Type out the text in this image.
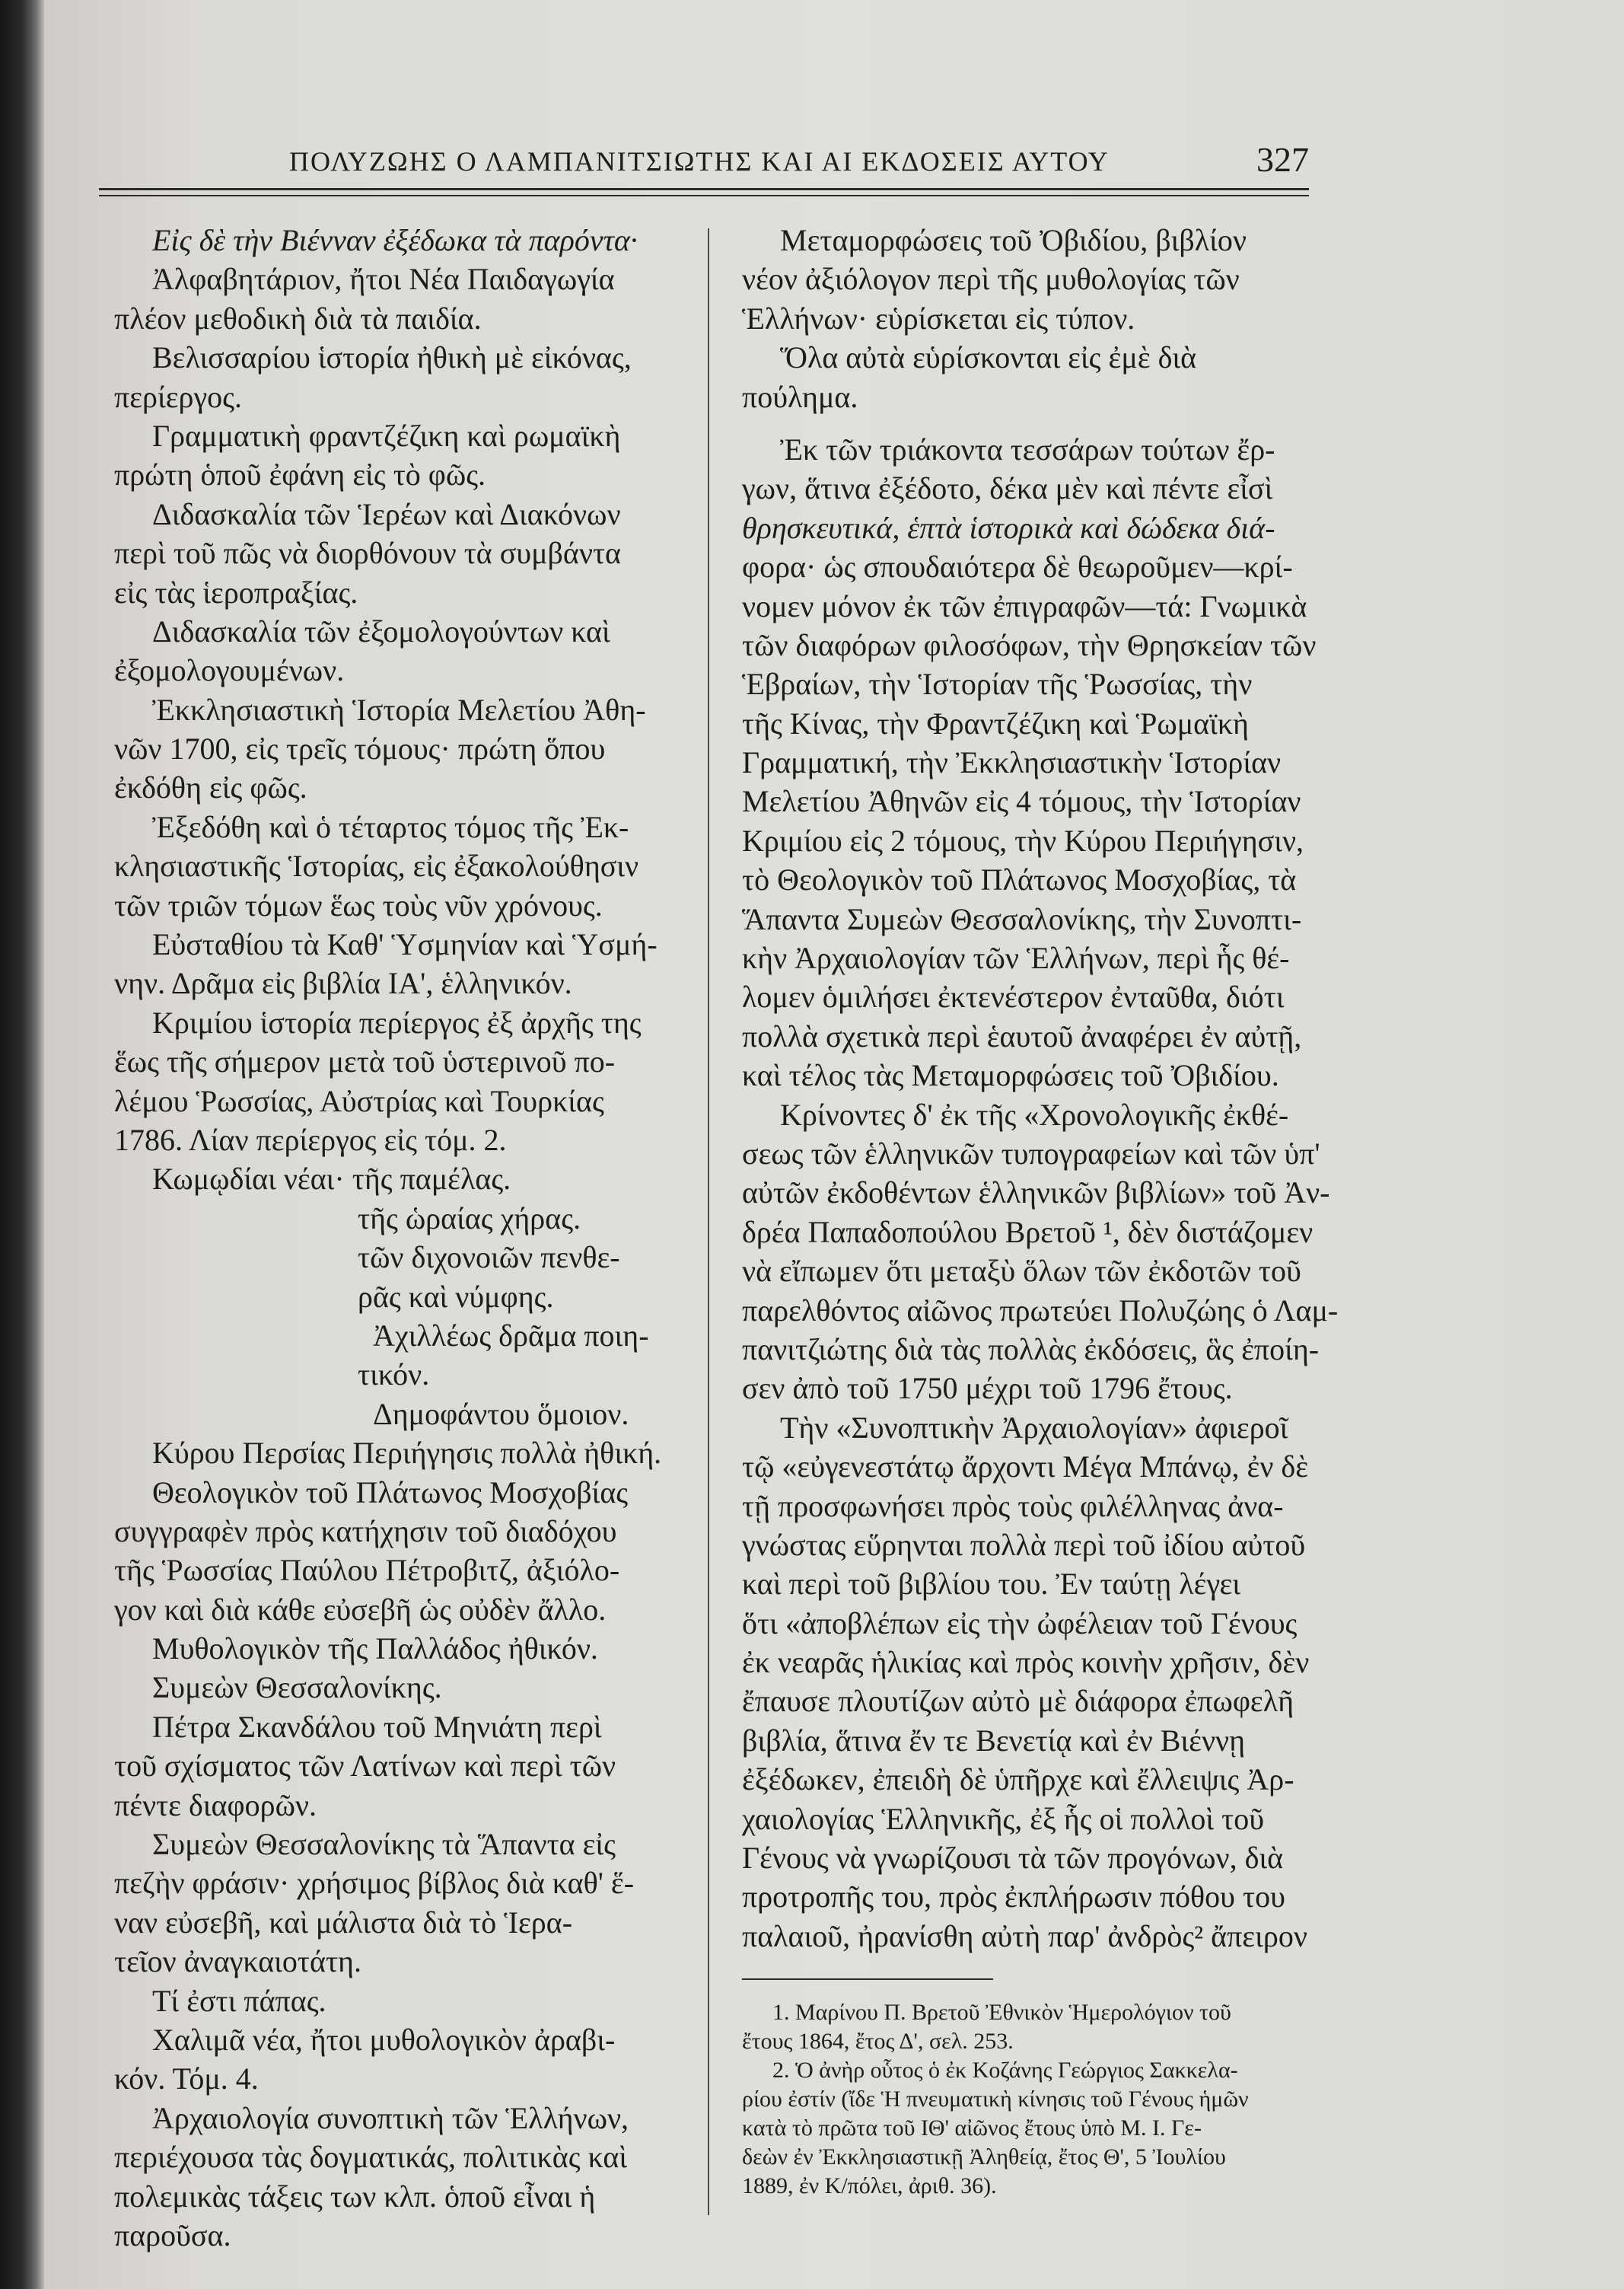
ΠΟΛΥΖΩΗΣ Ο ΛΑΜΠΑΝΙΤΣΙΩΤΗΣ ΚΑΙ ΑΙ ΕΚΔΟΣΕΙΣ ΑΥΤΟΥ	327
Εἰς δὲ τὴν Βιένναν ἐξέδωκα τὰ παρόντα·
Ἀλφαβητάριον, ἤτοι Νέα Παιδαγωγία
πλέον μεθοδικὴ διὰ τὰ παιδία.
Βελισσαρίου ἱστορία ἠθικὴ μὲ εἰκόνας,
περίεργος.
Γραμματικὴ φραντζέζικη καὶ ρωμαϊκὴ
πρώτη ὁποῦ ἐφάνη εἰς τὸ φῶς.
Διδασκαλία τῶν Ἱερέων καὶ Διακόνων
περὶ τοῦ πῶς νὰ διορθόνουν τὰ συμβάντα
εἰς τὰς ἱεροπραξίας.
Διδασκαλία τῶν ἐξομολογούντων καὶ
ἐξομολογουμένων.
Ἐκκλησιαστικὴ Ἱστορία Μελετίου Ἀθη-
νῶν 1700, εἰς τρεῖς τόμους· πρώτη ὅπου
ἐκδόθη εἰς φῶς.
Ἐξεδόθη καὶ ὁ τέταρτος τόμος τῆς Ἐκ-
κλησιαστικῆς Ἱστορίας, εἰς ἐξακολούθησιν
τῶν τριῶν τόμων ἕως τοὺς νῦν χρόνους.
Εὐσταθίου τὰ Καθ' Ὑσμηνίαν καὶ Ὑσμή-
νην. Δρᾶμα εἰς βιβλία ΙΑ', ἑλληνικόν.
Κριμίου ἱστορία περίεργος ἐξ ἀρχῆς της
ἕως τῆς σήμερον μετὰ τοῦ ὑστερινοῦ πο-
λέμου Ῥωσσίας, Αὐστρίας καὶ Τουρκίας
1786. Λίαν περίεργος εἰς τόμ. 2.
Κωμῳδίαι νέαι· τῆς παμέλας.
τῆς ὡραίας χήρας.
τῶν διχονοιῶν πενθε-
ρᾶς καὶ νύμφης.
Ἀχιλλέως δρᾶμα ποιη-
τικόν.
Δημοφάντου ὅμοιον.
Κύρου Περσίας Περιήγησις πολλὰ ἠθική.
Θεολογικὸν τοῦ Πλάτωνος Μοσχοβίας
συγγραφὲν πρὸς κατήχησιν τοῦ διαδόχου
τῆς Ῥωσσίας Παύλου Πέτροβιτζ, ἀξιόλο-
γον καὶ διὰ κάθε εὐσεβῆ ὡς οὐδὲν ἄλλο.
Μυθολογικὸν τῆς Παλλάδος ἠθικόν.
Συμεὼν Θεσσαλονίκης.
Πέτρα Σκανδάλου τοῦ Μηνιάτη περὶ
τοῦ σχίσματος τῶν Λατίνων καὶ περὶ τῶν
πέντε διαφορῶν.
Συμεὼν Θεσσαλονίκης τὰ Ἅπαντα εἰς
πεζὴν φράσιν· χρήσιμος βίβλος διὰ καθ' ἕ-
ναν εὐσεβῆ, καὶ μάλιστα διὰ τὸ Ἱερα-
τεῖον ἀναγκαιοτάτη.
Τί ἐστι πάπας.
Χαλιμᾶ νέα, ἤτοι μυθολογικὸν ἀραβι-
κόν. Τόμ. 4.
Ἀρχαιολογία συνοπτικὴ τῶν Ἑλλήνων,
περιέχουσα τὰς δογματικάς, πολιτικὰς καὶ
πολεμικὰς τάξεις των κλπ. ὁποῦ εἶναι ἡ
παροῦσα.
Μεταμορφώσεις τοῦ Ὀβιδίου, βιβλίον
νέον ἀξιόλογον περὶ τῆς μυθολογίας τῶν
Ἑλλήνων· εὑρίσκεται εἰς τύπον.
Ὅλα αὐτὰ εὑρίσκονται εἰς ἐμὲ διὰ
πούλημα.
Ἐκ τῶν τριάκοντα τεσσάρων τούτων ἔρ-
γων, ἅτινα ἐξέδοτο, δέκα μὲν καὶ πέντε εἶσὶ
θρησκευτικά, ἑπτὰ ἱστορικὰ καὶ δώδεκα διά-
φορα· ὡς σπουδαιότερα δὲ θεωροῦμεν—κρί-
νομεν μόνον ἐκ τῶν ἐπιγραφῶν—τά: Γνωμικὰ
τῶν διαφόρων φιλοσόφων, τὴν Θρησκείαν τῶν
Ἑβραίων, τὴν Ἱστορίαν τῆς Ῥωσσίας, τὴν
τῆς Κίνας, τὴν Φραντζέζικη καὶ Ῥωμαϊκὴ
Γραμματική, τὴν Ἐκκλησιαστικὴν Ἱστορίαν
Μελετίου Ἀθηνῶν εἰς 4 τόμους, τὴν Ἱστορίαν
Κριμίου εἰς 2 τόμους, τὴν Κύρου Περιήγησιν,
τὸ Θεολογικὸν τοῦ Πλάτωνος Μοσχοβίας, τὰ
Ἅπαντα Συμεὼν Θεσσαλονίκης, τὴν Συνοπτι-
κὴν Ἀρχαιολογίαν τῶν Ἑλλήνων, περὶ ἧς θέ-
λομεν ὁμιλήσει ἐκτενέστερον ἐνταῦθα, διότι
πολλὰ σχετικὰ περὶ ἑαυτοῦ ἀναφέρει ἐν αὐτῇ,
καὶ τέλος τὰς Μεταμορφώσεις τοῦ Ὀβιδίου.
Κρίνοντες δ' ἐκ τῆς «Χρονολογικῆς ἐκθέ-
σεως τῶν ἑλληνικῶν τυπογραφείων καὶ τῶν ὑπ'
αὐτῶν ἐκδοθέντων ἑλληνικῶν βιβλίων» τοῦ Ἀν-
δρέα Παπαδοπούλου Βρετοῦ ¹, δὲν διστάζομεν
νὰ εἴπωμεν ὅτι μεταξὺ ὅλων τῶν ἐκδοτῶν τοῦ
παρελθόντος αἰῶνος πρωτεύει Πολυζώης ὁ Λαμ-
πανιτζιώτης διὰ τὰς πολλὰς ἐκδόσεις, ἃς ἐποίη-
σεν ἀπὸ τοῦ 1750 μέχρι τοῦ 1796 ἔτους.
Τὴν «Συνοπτικὴν Ἀρχαιολογίαν» ἀφιεροῖ
τῷ «εὐγενεστάτῳ ἄρχοντι Μέγα Μπάνῳ, ἐν δὲ
τῇ προσφωνήσει πρὸς τοὺς φιλέλληνας ἀνα-
γνώστας εὕρηνται πολλὰ περὶ τοῦ ἰδίου αὐτοῦ
καὶ περὶ τοῦ βιβλίου του. Ἐν ταύτῃ λέγει
ὅτι «ἀποβλέπων εἰς τὴν ὠφέλειαν τοῦ Γένους
ἐκ νεαρᾶς ἡλικίας καὶ πρὸς κοινὴν χρῆσιν, δὲν
ἔπαυσε πλουτίζων αὐτὸ μὲ διάφορα ἐπωφελῆ
βιβλία, ἅτινα ἔν τε Βενετίᾳ καὶ ἐν Βιέννῃ
ἐξέδωκεν, ἐπειδὴ δὲ ὑπῆρχε καὶ ἔλλειψις Ἀρ-
χαιολογίας Ἑλληνικῆς, ἐξ ἧς οἱ πολλοὶ τοῦ
Γένους νὰ γνωρίζουσι τὰ τῶν προγόνων, διὰ
προτροπῆς του, πρὸς ἐκπλήρωσιν πόθου του
παλαιοῦ, ἠρανίσθη αὐτὴ παρ' ἀνδρὸς² ἄπειρον
1. Μαρίνου Π. Βρετοῦ Ἐθνικὸν Ἡμερολόγιον τοῦ
ἔτους 1864, ἔτος Δ', σελ. 253.
2. Ὁ ἀνὴρ οὗτος ὁ ἐκ Κοζάνης Γεώργιος Σακκελα-
ρίου ἐστίν (ἴδε Ἡ πνευματικὴ κίνησις τοῦ Γένους ἡμῶν
κατὰ τὸ πρῶτα τοῦ ΙΘ' αἰῶνος ἔτους ὑπὸ Μ. Ι. Γε-
δεὼν ἐν Ἐκκλησιαστικῇ Ἀληθείᾳ, ἔτος Θ', 5 Ἰουλίου
1889, ἐν Κ/πόλει, ἀριθ. 36).
